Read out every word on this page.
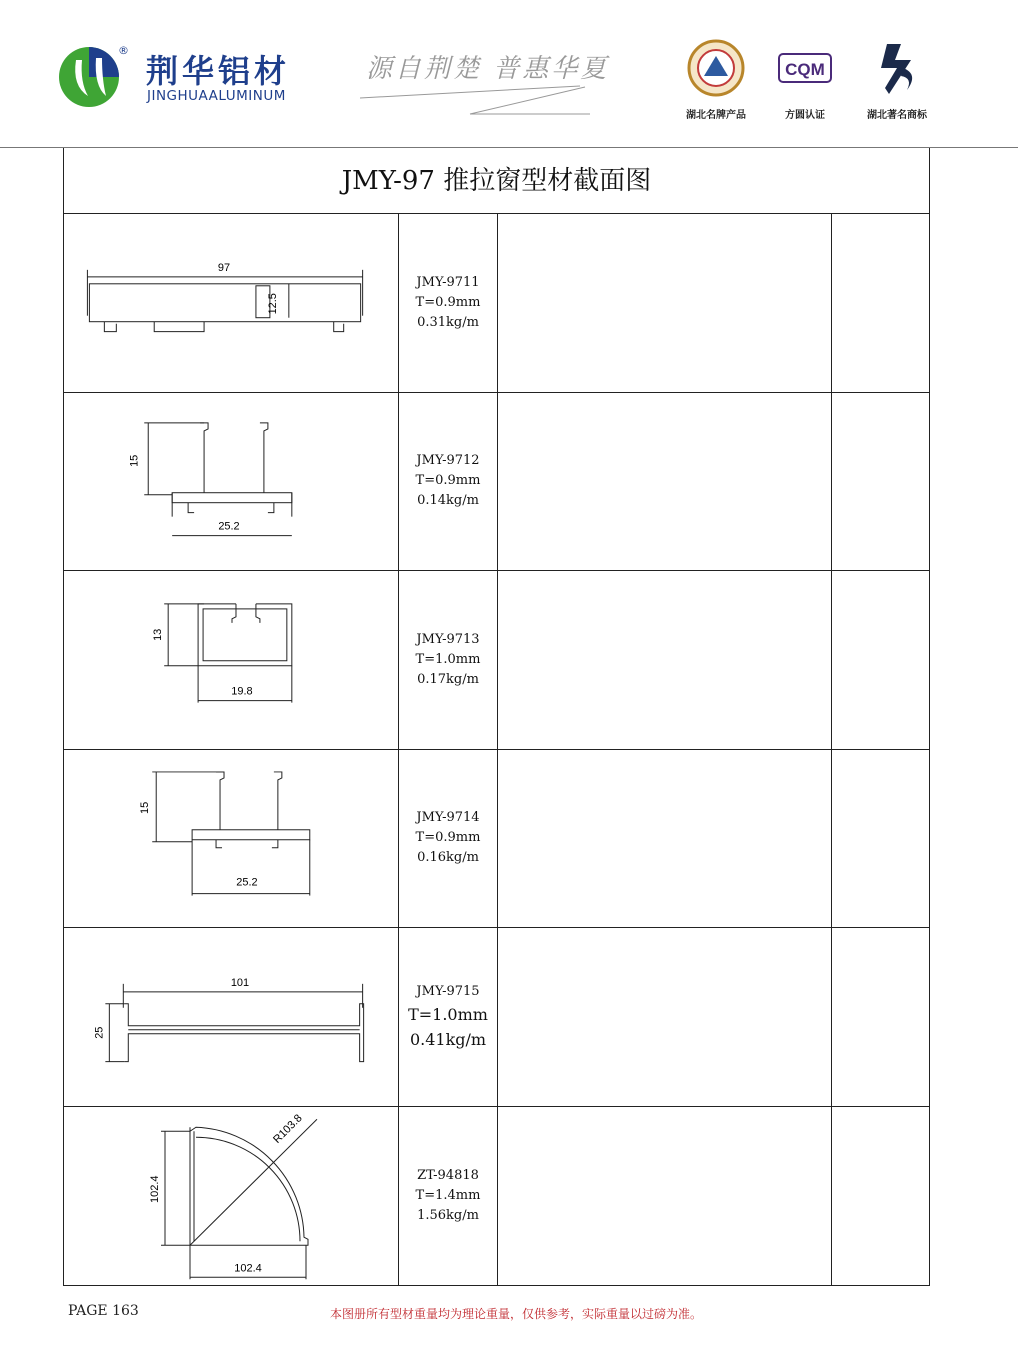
®
荆华铝材
JINGHUAALUMINUM
源自荆楚 普惠华夏
湖北名牌产品
CQM
方圆认证	湖北著名商标
JMY-97 推拉窗型材截面图
97
12.5
JMY-9711
T=0.9mm
0.31kg/m
15
25.2
JMY-9712
T=0.9mm
0.14kg/m
13
19.8
JMY-9713
T=1.0mm
0.17kg/m
15
25.2
JMY-9714
T=0.9mm
0.16kg/m
101
25
JMY-9715
T=1.0mm
0.41kg/m
R103.8
102.4
102.4
ZT-94818
T=1.4mm
1.56kg/m
PAGE 163	本图册所有型材重量均为理论重量，仅供参考，实际重量以过磅为准。
